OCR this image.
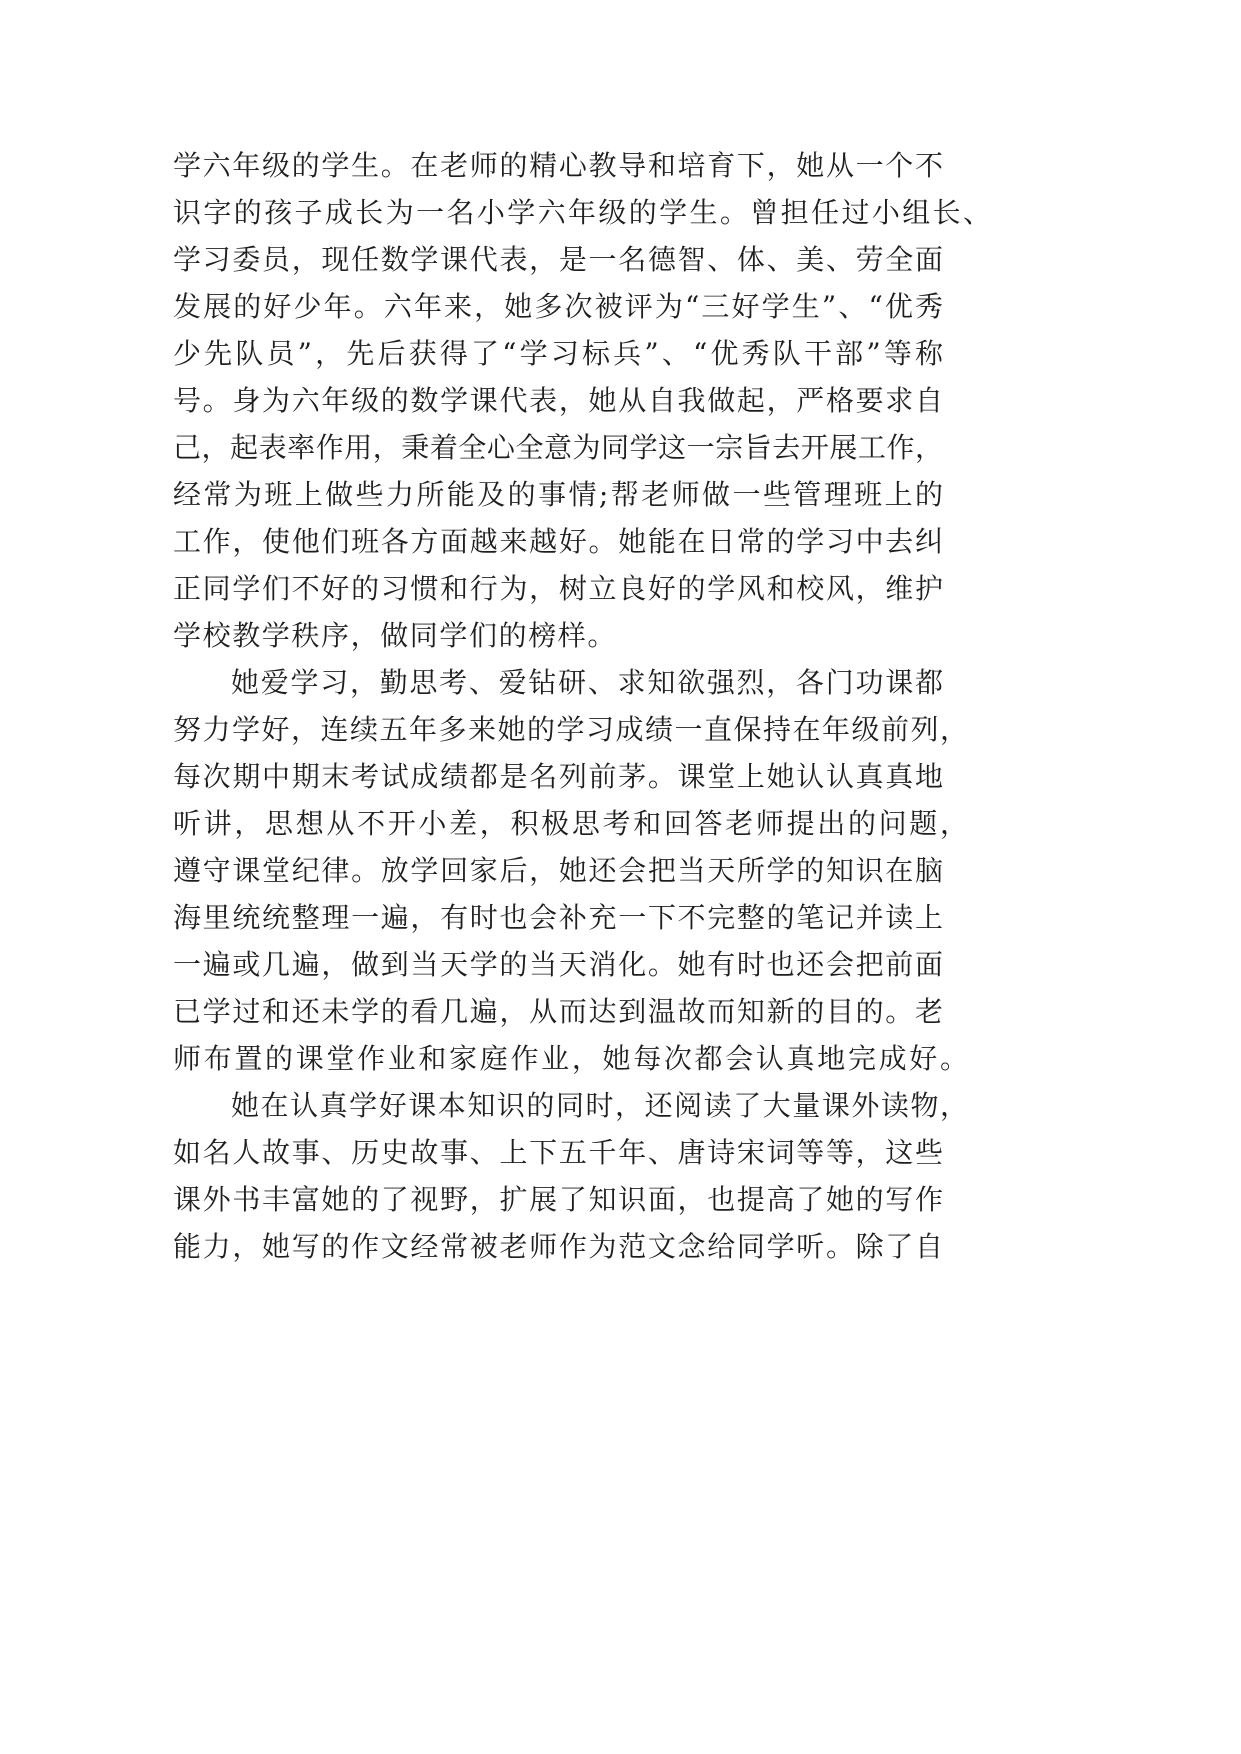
学六年级的学生。在老师的精心教导和培育下，她从一个不
识字的孩子成长为一名小学六年级的学生。曾担任过小组长、
学习委员，现任数学课代表，是一名德智、体、美、劳全面
发展的好少年。六年来，她多次被评为“三好学生”、“优秀
少先队员”，先后获得了“学习标兵”、“优秀队干部”等称
号。身为六年级的数学课代表，她从自我做起，严格要求自
己，起表率作用，秉着全心全意为同学这一宗旨去开展工作，
经常为班上做些力所能及的事情;帮老师做一些管理班上的
工作，使他们班各方面越来越好。她能在日常的学习中去纠
正同学们不好的习惯和行为，树立良好的学风和校风，维护
学校教学秩序，做同学们的榜样。
她爱学习，勤思考、爱钻研、求知欲强烈，各门功课都
努力学好，连续五年多来她的学习成绩一直保持在年级前列，
每次期中期末考试成绩都是名列前茅。课堂上她认认真真地
听讲，思想从不开小差，积极思考和回答老师提出的问题，
遵守课堂纪律。放学回家后，她还会把当天所学的知识在脑
海里统统整理一遍，有时也会补充一下不完整的笔记并读上
一遍或几遍，做到当天学的当天消化。她有时也还会把前面
已学过和还未学的看几遍，从而达到温故而知新的目的。老
师布置的课堂作业和家庭作业，她每次都会认真地完成好。
她在认真学好课本知识的同时，还阅读了大量课外读物，
如名人故事、历史故事、上下五千年、唐诗宋词等等，这些
课外书丰富她的了视野，扩展了知识面，也提高了她的写作
能力，她写的作文经常被老师作为范文念给同学听。除了自
